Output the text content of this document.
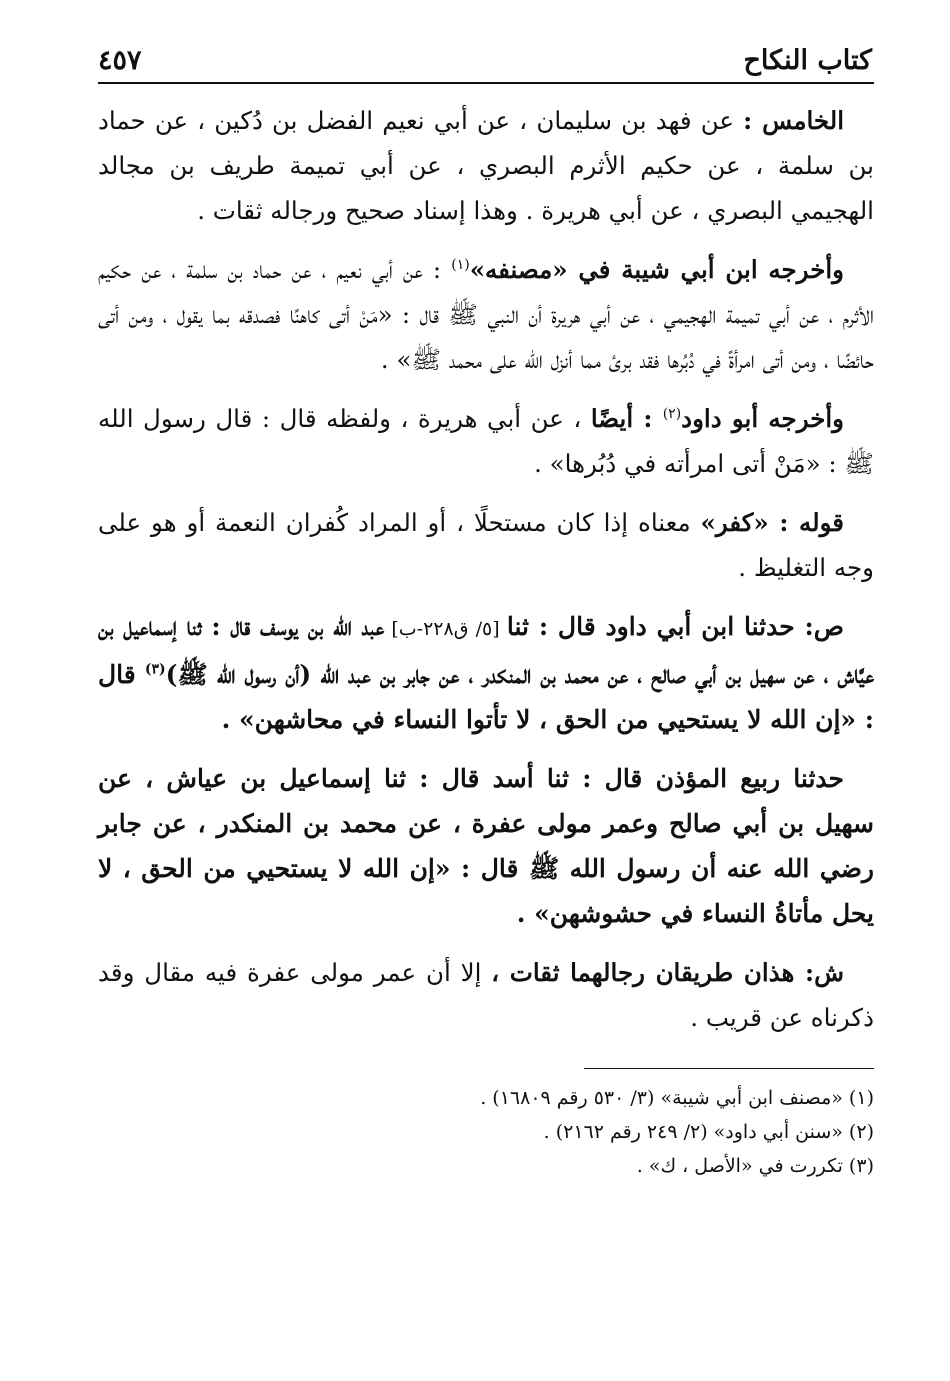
كتاب النكاح
٤٥٧

الخامس : عن فهد بن سليمان ، عن أبي نعيم الفضل بن دُكين ، عن حماد بن سلمة ، عن حكيم الأثرم البصري ، عن أبي تميمة طريف بن مجالد الهجيمي البصري ، عن أبي هريرة . وهذا إسناد صحيح ورجاله ثقات .

وأخرجه ابن أبي شيبة في «مصنفه»$^{(١)}$ : عن أبي نعيم ، عن حماد بن سلمة ، عن حكيم الأثرم ، عن أبي تميمة الهجيمي ، عن أبي هريرة أن النبي ﷺ قال : «مَنْ أتى كاهنًا فصدقه بما يقول ، ومن أتى حائضًا ، ومن أتى امرأةً في دُبُرها فقد برئ مما أنزل الله على محمد ﷺ» .

وأخرجه أبو داود$^{(٢)}$ : أيضًا ، عن أبي هريرة ، ولفظه قال : قال رسول الله ﷺ : «مَنْ أتى امرأته في دُبُرها» .

قوله : «كفر» معناه إذا كان مستحلًا ، أو المراد كُفران النعمة أو هو على وجه التغليظ .

ص: حدثنا ابن أبي داود قال : ثنا [٥/ ق٢٢٨-ب] عبد الله بن يوسف قال : ثنا إسماعيل بن عيَّاش ، عن سهيل بن أبي صالح ، عن محمد بن المنكدر ، عن جابر بن عبد الله (أن رسول الله ﷺ)$^{(٣)}$ قال : «إن الله لا يستحيي من الحق ، لا تأتوا النساء في محاشهن» .

حدثنا ربيع المؤذن قال : ثنا أسد قال : ثنا إسماعيل بن عياش ، عن سهيل بن أبي صالح وعمر مولى عفرة ، عن محمد بن المنكدر ، عن جابر رضي الله عنه أن رسول الله ﷺ قال : «إن الله لا يستحيي من الحق ، لا يحل مأتاةُ النساء في حشوشهن» .

ش: هذان طريقان رجالهما ثقات ، إلا أن عمر مولى عفرة فيه مقال وقد ذكرناه عن قريب .

(١) «مصنف ابن أبي شيبة» (٣/ ٥٣٠ رقم ١٦٨٠٩) .
(٢) «سنن أبي داود» (٢/ ٢٤٩ رقم ٢١٦٢) .
(٣) تكررت في «الأصل ، ك» .
